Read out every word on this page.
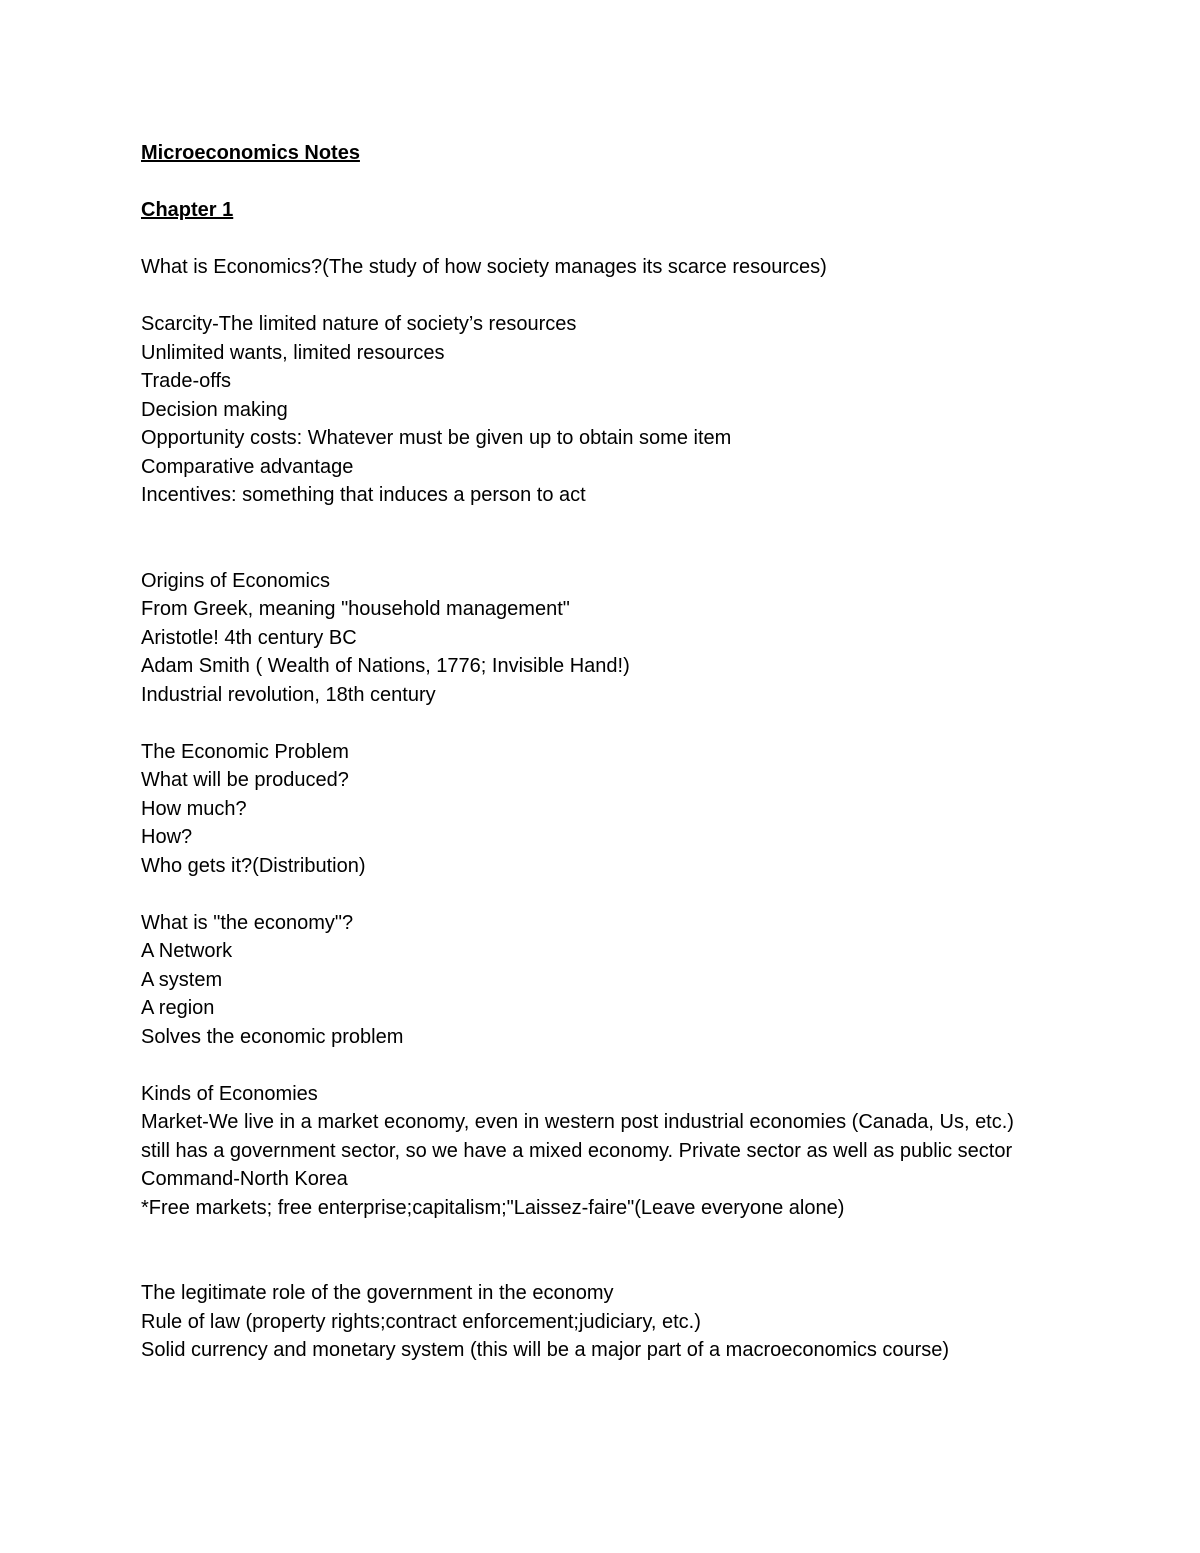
Microeconomics Notes

Chapter 1

What is Economics?(The study of how society manages its scarce resources)

Scarcity-The limited nature of society’s resources

Unlimited wants, limited resources

Trade-offs

Decision making

Opportunity costs: Whatever must be given up to obtain some item

Comparative advantage

Incentives: something that induces a person to act

Origins of Economics

From Greek, meaning "household management"

Aristotle! 4th century BC

Adam Smith ( Wealth of Nations, 1776; Invisible Hand!)

Industrial revolution, 18th century

The Economic Problem

What will be produced?

How much?

How?

Who gets it?(Distribution)

What is "the economy"?

A Network

A system

A region

Solves the economic problem

Kinds of Economies

Market-We live in a market economy, even in western post industrial economies (Canada, Us, etc.) still has a government sector, so we have a mixed economy. Private sector as well as public sector

Command-North Korea

*Free markets; free enterprise;capitalism;"Laissez-faire"(Leave everyone alone)

The legitimate role of the government in the economy

Rule of law (property rights;contract enforcement;judiciary, etc.)

Solid currency and monetary system (this will be a major part of a macroeconomics course)
